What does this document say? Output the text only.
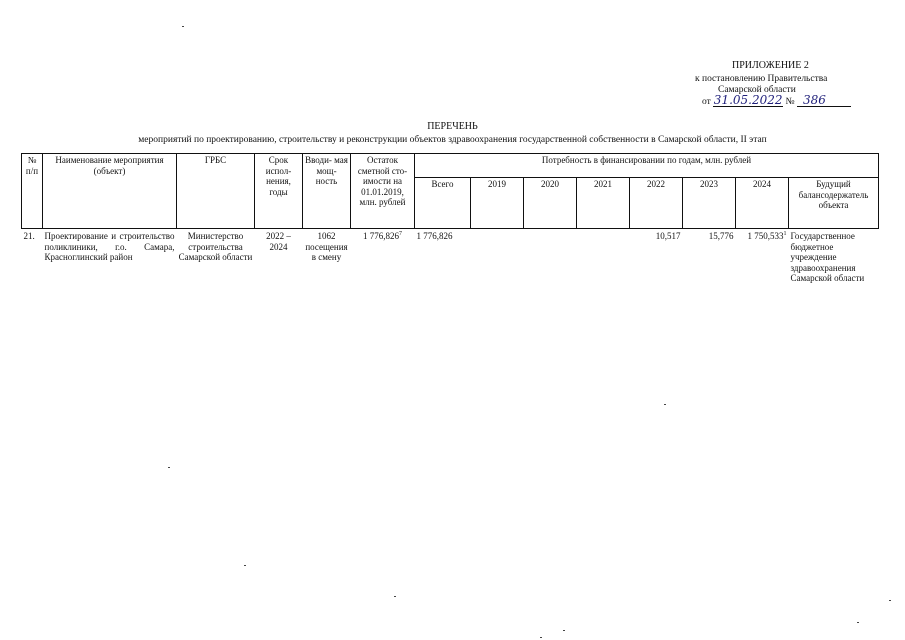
ПРИЛОЖЕНИЕ 2
к постановлению Правительства
Самарской области
от 31.05.2022 № 386
ПЕРЕЧЕНЬ
мероприятий по проектированию, строительству и реконструкции объектов здравоохранения государственной собственности в Самарской области, II этап
№ п/п	Наименование мероприятия (объект)	ГРБС	Срок испол- нения, годы	Вводи- мая мощ- ность	Остаток сметной сто- имости на 01.01.2019, млн. рублей	Потребность в финансировании по годам, млн. рублей							
						Всего	2019	2020	2021	2022	2023	2024	Будущий балансодержатель объекта
21.	Проектирование и строительство поликлиники, г.о. Самара, Красноглинский район	Министерство строительства Самарской области	2022 – 2024	1062 посещения в смену	1 776,826$^7$	1 776,826				10,517	15,776	1 750,533$^1$	Государственное бюджетное учреждение здравоохранения Самарской области
